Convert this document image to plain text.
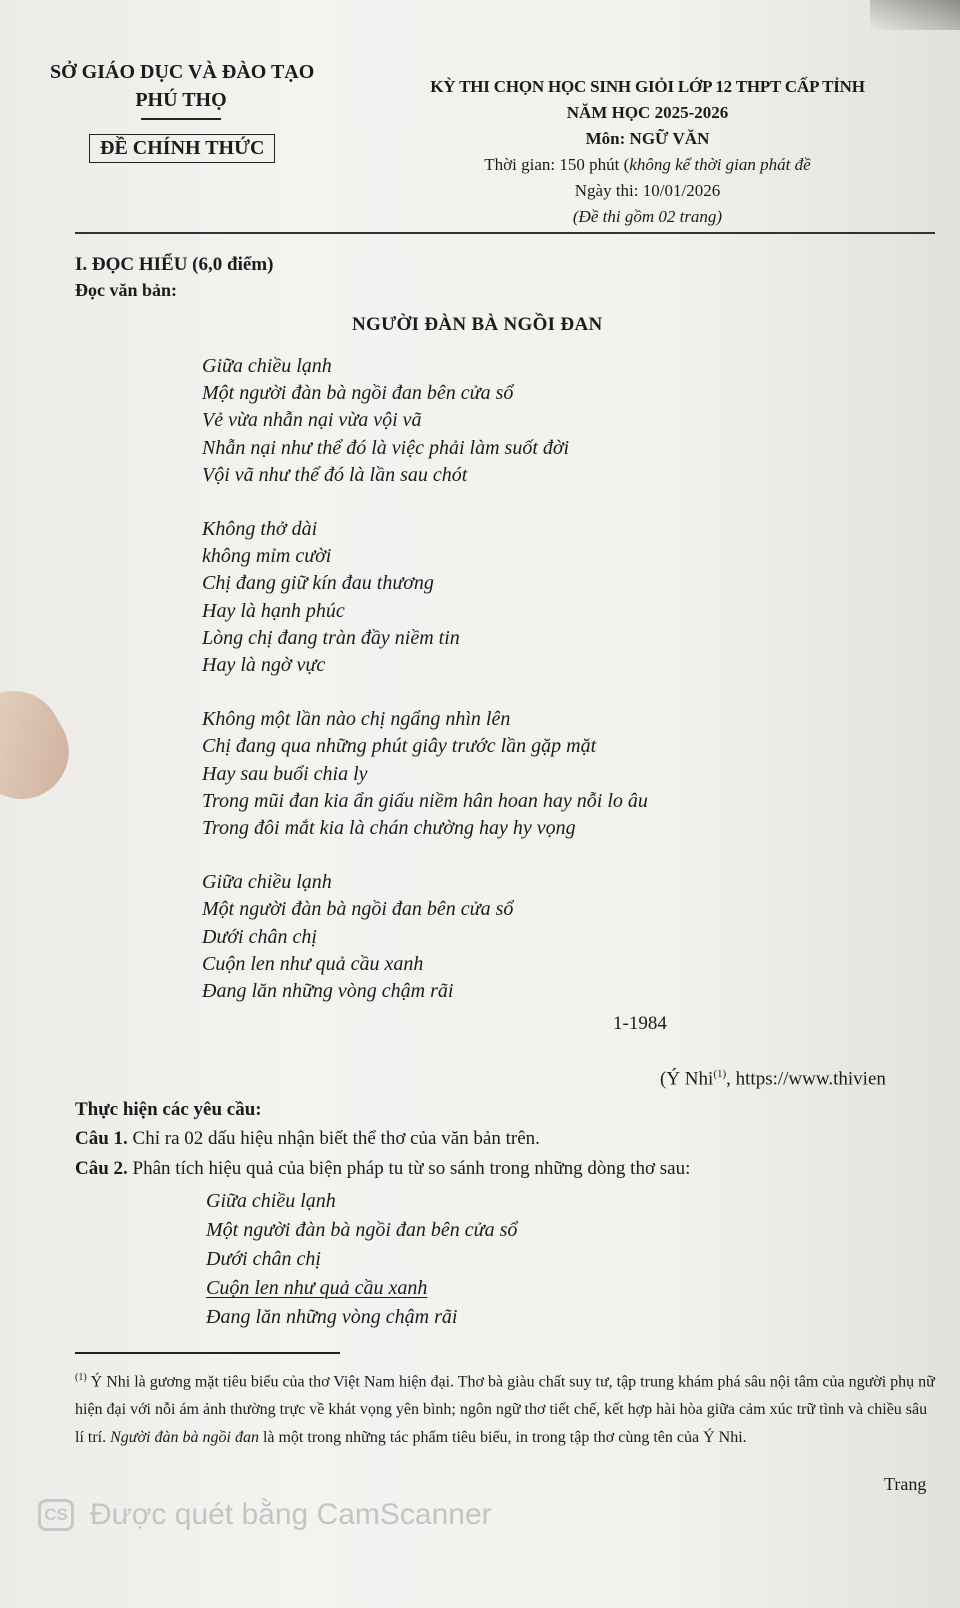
SỞ GIÁO DỤC VÀ ĐÀO TẠO
PHÚ THỌ
ĐỀ CHÍNH THỨC
KỲ THI CHỌN HỌC SINH GIỎI LỚP 12 THPT CẤP TỈNH
NĂM HỌC 2025-2026
Môn: NGỮ VĂN
Thời gian: 150 phút (không kể thời gian phát đề
Ngày thi: 10/01/2026
(Đề thi gồm 02 trang)
I. ĐỌC HIỂU (6,0 điểm)
Đọc văn bản:
NGƯỜI ĐÀN BÀ NGỒI ĐAN
Giữa chiều lạnh
Một người đàn bà ngồi đan bên cửa sổ
Vẻ vừa nhẫn nại vừa vội vã
Nhẫn nại như thể đó là việc phải làm suốt đời
Vội vã như thể đó là lần sau chót
Không thở dài
không mỉm cười
Chị đang giữ kín đau thương
Hay là hạnh phúc
Lòng chị đang tràn đầy niềm tin
Hay là ngờ vực
Không một lần nào chị ngẩng nhìn lên
Chị đang qua những phút giây trước lần gặp mặt
Hay sau buổi chia ly
Trong mũi đan kia ẩn giấu niềm hân hoan hay nỗi lo âu
Trong đôi mắt kia là chán chường hay hy vọng
Giữa chiều lạnh
Một người đàn bà ngồi đan bên cửa sổ
Dưới chân chị
Cuộn len như quả cầu xanh
Đang lăn những vòng chậm rãi
1-1984
(Ý Nhi$^{(1)}$, https://www.thivien
Thực hiện các yêu cầu:
Câu 1. Chỉ ra 02 dấu hiệu nhận biết thể thơ của văn bản trên.
Câu 2. Phân tích hiệu quả của biện pháp tu từ so sánh trong những dòng thơ sau:
Giữa chiều lạnh
Một người đàn bà ngồi đan bên cửa sổ
Dưới chân chị
Cuộn len như quả cầu xanh
Đang lăn những vòng chậm rãi
$^{(1)}$ Ý Nhi là gương mặt tiêu biểu của thơ Việt Nam hiện đại. Thơ bà giàu chất suy tư, tập trung khám phá sâu nội tâm của người phụ nữ hiện đại với nỗi ám ảnh thường trực về khát vọng yên bình; ngôn ngữ thơ tiết chế, kết hợp hài hòa giữa cảm xúc trữ tình và chiều sâu lí trí. Người đàn bà ngồi đan là một trong những tác phẩm tiêu biểu, in trong tập thơ cùng tên của Ý Nhi.
Trang
CS Được quét bằng CamScanner
